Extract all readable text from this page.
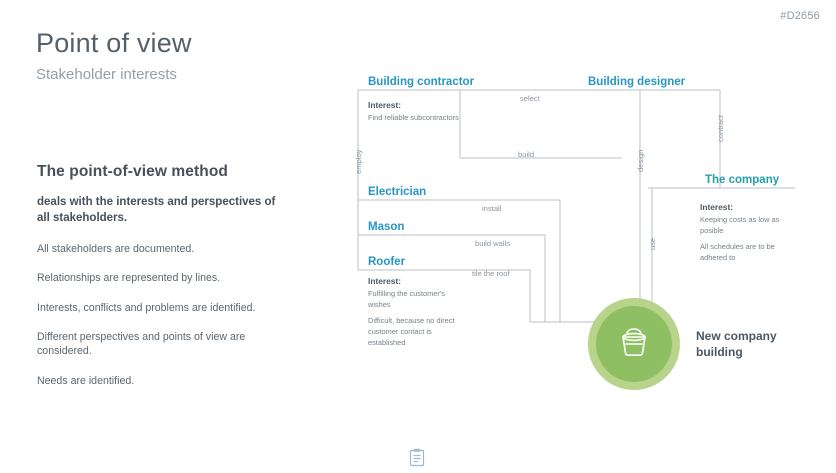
#D2656
Point of view
Stakeholder interests
The point-of-view method
deals with the interests and perspectives of all stakeholders.
All stakeholders are documented.
Relationships are represented by lines.
Interests, conflicts and problems are identified.
Different perspectives and points of view are considered.
Needs are identified.
Building contractor	Building designer
Electrician
Mason
Roofer
The company
Interest:
Find reliable subcontractors
Interest:
Fulfilling the customer's wishes
Difficult, because no direct customer contact is established
Interest:
Keeping costs as low as posible
All schedules are to be adhered to
select
build
install
build walls
tile the roof
employ	design
contract
use
New company building
